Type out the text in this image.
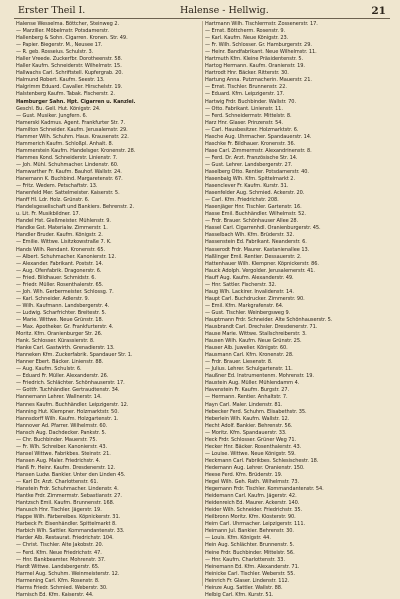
Erster Theil I.	Halense - Hellwig.	21
Halense Wesselma. Böttcher, Steinweg 2.
— Marziller. Möbelmstr. Potsdamerstr.
Hallenberg & Sohn. Cigarren. Kronen. Str. 49.
— Papier. Biegerstr. M., Neusee 17.
— R. geb. Rosseius. Schulstr. 3.
Haller Vreede. Zuckerfbr. Dorotheenstr. 58.
Haller Kaufm. Schneiderstr. Wilhelmstr. 15.
Hallwachs Carl. Schriftstell. Kupfergrab. 20.
Halmund Robert. Kaufm. Seestr. 13.
Halgrimm Eduard. Cavaller. Hirschelstr. 19.
Halstenberg Kaufm. Tabak. Fischerstr. 2.
Hamburger Sahn. Hpt. Cigarren u. Kanzlei.
Geschl. Bu. Gell. Hut. Königstr. 24.
— Gust. Musiker. Jungfern. 6.
Hamerski Kadmus. Agent. Frankfurter Str. 7.
Hamilton Schneider. Kaufm. Jerusalemstr. 29.
Hammer Wilh. Schuhm. Haus. Krausenstr. 22.
Hammerich Kaufm. Schloßpl. Anhalt. 8.
Hammerstein Kaufm. Handelsger. Kronenstr. 28.
Hammes Kond. Schneiderstr. Linienstr. 7.
— Joh. Mühl. Schuhmacher. Lindenstr. 60.
Hamwarther Fr. Kaufm. Bauhof. Wallstr. 24.
Hanemann K. Buchbind. Margaretenstr. 67.
— Fritz. Wedem. Petschaftstr. 13.
Hanenfeld Mer. Sattelmeister. Kaiserstr. 5.
Hanff Hl. Ldr. Holz. Grünstr. 6.
Handelsgesellschaft und Bankiers. Behrenstr. 2.
u. Lit. Fr. Musikbildner. 17.
Handel Hst. Gießmeister. Mühlenstr. 9.
Handke Gst. Materialw. Zimmerstr. 1.
Handler Bruder. Kaufm. Königstr. 2.
— Emilie. Wittwe. Lisitzkowstraße 7. K.
Hands Wilh. Rendant. Kronenstr. 65.
— Albert. Schuhmacher. Kanonierstr. 12.
— Alexander. Fabrikant. Poststr. 14.
— Aug. Ofenfabrik. Dragonerstr. 6.
— Fried. Bildhauer. Schmidstr. 6.
— Friedr. Müller. Rosenthalerstr. 65.
— Joh. Wlh. Gerbermeister. Schlossg. 7.
— Karl. Schneider. Adlerstr. 9.
— Wilh. Kaufmann. Landsbergerstr. 4.
— Ludwig. Scharfrichter. Breitestr. 5.
— Marie. Wittwe. Neue Grünstr. 18.
— Max. Apotheker. Gr. Frankfurterstr. 4.
Moritz. Kfm. Oranienburger Str. 26.
Hank. Schlosser. Kürassierstr. 8.
Hanke Carl. Gastwirth. Grenadierstr. 13.
Hanneken Kfm. Zuckerfabrik. Spandauer Str. 1.
Hanner Ebert. Bäcker. Linienstr. 88.
— Aug. Kaufm. Schulstr. 6.
— Eduard Fr. Müller. Alexanderstr. 26.
— Friedrich. Schlächter. Schönhauserstr. 17.
— Gottfr. Tuchhändler. Gertraudtenstr. 34.
Hannemann Lehrer. Wallnerstr. 14.
Hannes Kaufm. Buchhändler. Leipzigerstr. 12.
Hanning Hut. Klempner. Holzmarktstr. 50.
Hannsdorff Wilh. Kaufm. Holzgartenstr. 1.
Hannover Ad. Pfarrer. Wilhelmstr. 60.
Hansch Aug. Dachdecker. Pankstr. 5.
— Chr. Buchbinder. Mauerstr. 75.
— Fr. Wlh. Schreiber. Kanonierstr. 43.
Hansel Wittwe. Fabrikbes. Steinstr. 21.
Hansen Aug. Maler. Friedrichstr. 4.
Hanß Fr. Heinr. Kaufm. Dresdenerstr. 12.
Hansen Ludw. Bankier. Unter den Linden 45.
— Karl Dr. Arzt. Charlottenstr. 61.
Hanstein Frdr. Schuhmacher. Lindenstr. 4.
Hantke Frdr. Zimmermstr. Sebastianstr. 27.
Hantzsch Emil. Kaufm. Brunnenstr. 168.
Hanusch Hnr. Tischler. Jägerstr. 19.
Happe Wilh. Färbereibes. Köpnickerstr. 31.
Harbeck Fr. Eisenhändler. Spittelmarkt 8.
Harbich Wlh. Sattler. Kommandantenstr. 33.
Harder Alb. Restaurat. Friedrichstr. 104.
— Christ. Tischler. Alte Jakobstr. 20.
— Ferd. Kfm. Neue Friedrichstr. 47.
— Hnr. Bankbeamter. Mohrenstr. 37.
Hardt Wittwe. Landsbergerstr. 65.
Harmel Aug. Schuhm. Weinmeisterstr. 12.
Harmening Carl. Kfm. Rosenstr. 8.
Harms Friedr. Schmied. Weberstr. 30.
Harnisch Ed. Kfm. Kaiserstr. 44.
Hartmann Wilh. Tischlermstr. Zossenerstr. 17.
— Ernst. Böttcherm. Rosenstr. 9.
— Karl. Kaufm. Neue Königstr. 23.
— Fr. Wilh. Schlosser. Gr. Hamburgerstr. 29.
— Heinr. Bandfabrikant. Neue Wilhelmstr. 11.
Hartmuth Kfm. Kleine Präsidentenstr. 5.
Hartog Hermann. Kaufm. Oranienstr. 19.
Hartrodt Hnr. Bäcker. Ritterstr. 30.
Hartung Anna. Putzmacherin. Mauerstr. 21.
— Ernst. Tischler. Brunnenstr. 22.
— Eduard. Kfm. Leipzigerstr. 17.
Hartwig Frdr. Buchbinder. Wallstr. 70.
— Otto. Fabrikant. Linienstr. 11.
— Ferd. Schneidermstr. Mittelstr. 8.
Harz Hnr. Glaser. Prinzenstr. 54.
— Carl. Hausbesitzer. Holzmarktstr. 6.
Hasche Aug. Uhrmacher. Spandauerstr. 14.
Haschke Fr. Bildhauer. Kronenstr. 36.
Hase Carl. Zimmermstr. Alexandrinenstr. 8.
— Ferd. Dr. Arzt. Französische Str. 14.
— Gust. Lehrer. Landsbergerstr. 27.
Haselberg Otto. Rentier. Potsdamerstr. 40.
Hasenbalg Wlh. Kfm. Spittelmarkt 2.
Hasenclever Fr. Kaufm. Kurstr. 31.
Hasenfelder Aug. Schmied. Ackerstr. 20.
— Carl. Kfm. Friedrichstr. 208.
Hasenjäger Hnr. Tischler. Gartenstr. 16.
Hasse Emil. Buchhändler. Wilhelmstr. 52.
— Frdr. Brauer. Schönhauser Allee 28.
Hassel Carl. Cigarrenhdl. Oranienburgerstr. 45.
Hasselbach Wlh. Kfm. Brüderstr. 32.
Hassenstein Ed. Fabrikant. Neanderstr. 6.
Hasserodt Frdr. Maurer. Kastanienallee 13.
Haßlinger Emil. Rentier. Dessauerstr. 2.
Hattenhauer Wilh. Klempner. Köpnickerstr. 86.
Hauck Adolph. Vergolder. Jerusalemerstr. 41.
Hauff Aug. Kaufm. Alexanderstr. 49.
— Hnr. Sattler. Fischerstr. 32.
Haug Wlh. Lackirer. Invalidenstr. 14.
Haupt Carl. Buchdrucker. Zimmerstr. 90.
— Emil. Kfm. Markgrafenstr. 64.
— Gust. Tischler. Weinbergsweg 9.
Hauptmann Frdr. Schneider. Alte Schönhauserstr. 5.
Hausbrandt Carl. Drechsler. Dresdenerstr. 71.
Hause Marie. Wittwe. Stallschreiberstr. 3.
Hausen Wilh. Kaufm. Neue Grünstr. 25.
Hauser Alb. Juwelier. Königstr. 60.
Hausmann Carl. Kfm. Kronenstr. 28.
— Frdr. Brauer. Liesenstr. 8.
— Julius. Lehrer. Schulgartenstr. 11.
Haußner Ed. Instrumentenm. Mohrenstr. 19.
Haustein Aug. Müller. Mühlendamm 4.
Havenstein Fr. Kaufm. Burgstr. 27.
— Hermann. Rentier. Anhaltstr. 7.
Hayn Carl. Maler. Lindenstr. 81.
Hebecker Ferd. Schuhm. Elisabethstr. 35.
Heberlein Wlh. Kaufm. Wallstr. 12.
Hecht Adolf. Bankier. Behrenstr. 56.
— Moritz. Kfm. Spandauerstr. 33.
Heck Frdr. Schlosser. Grüner Weg 71.
Hecker Hnr. Bäcker. Rosenthalerstr. 43.
— Louise. Wittwe. Neue Königstr. 59.
Heckmann Carl. Fabrikbes. Schlesischestr. 18.
Hedemann Aug. Lehrer. Oranienstr. 150.
Heese Ferd. Kfm. Brüderstr. 19.
Hegel Wilh. Geh. Rath. Wilhelmstr. 73.
Hegemann Frdr. Tischler. Kommandantenstr. 54.
Heidemann Carl. Kaufm. Jägerstr. 42.
Heidenreich Ed. Maurer. Ackerstr. 140.
Heider Wilh. Schneider. Friedrichstr. 35.
Heilbronn Moritz. Kfm. Klosterstr. 90.
Heim Carl. Uhrmacher. Leipzigerstr. 111.
Heimann Jul. Bankier. Behrenstr. 30.
— Louis. Kfm. Königstr. 44.
Hein Aug. Schlächter. Brunnenstr. 5.
Heine Frdr. Buchbinder. Mittelstr. 56.
— Hnr. Kaufm. Charlottenstr. 33.
Heinemann Ed. Kfm. Alexanderstr. 71.
Heinicke Carl. Tischler. Weberstr. 55.
Heinrich Fr. Glaser. Lindenstr. 112.
Heinze Aug. Sattler. Wallstr. 88.
Helbig Carl. Kfm. Kurstr. 51.
